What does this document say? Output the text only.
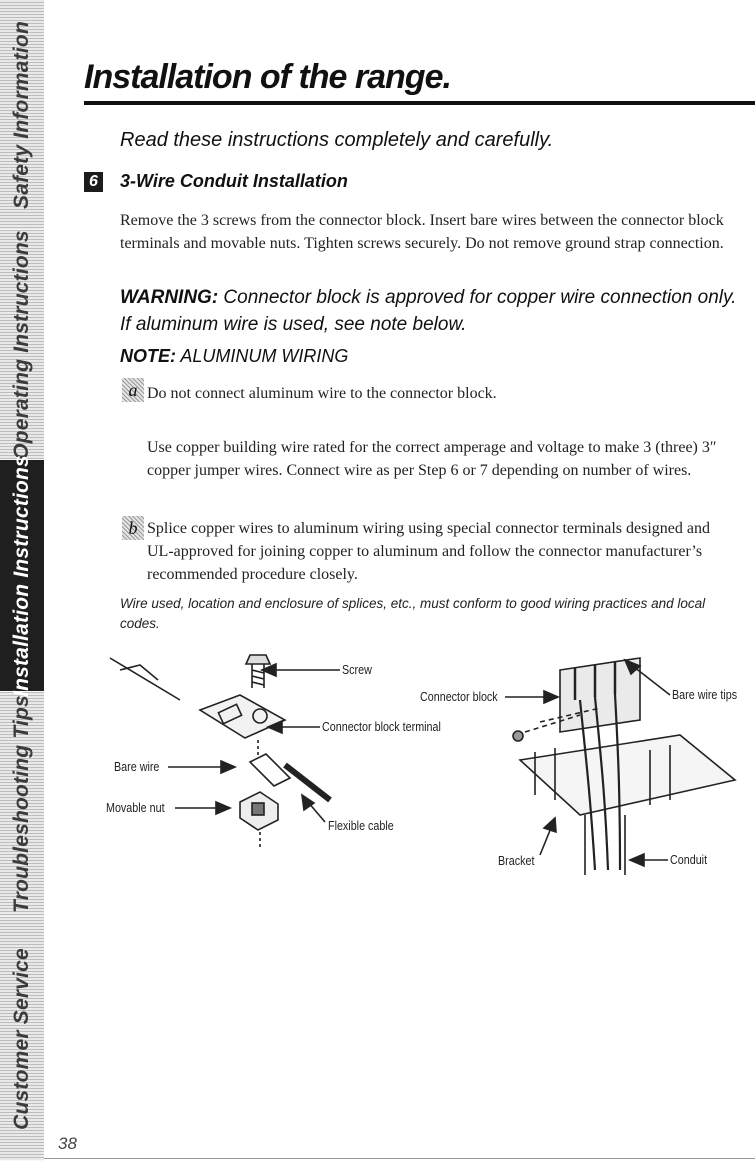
Safety Information
Operating Instructions
Installation Instructions
Troubleshooting Tips
Customer Service
Installation of the range.

Read these instructions completely and carefully.

6 3-Wire Conduit Installation

Remove the 3 screws from the connector block. Insert bare wires between the connector block terminals and movable nuts. Tighten screws securely. Do not remove ground strap connection.

WARNING: Connector block is approved for copper wire connection only. If aluminum wire is used, see note below.

NOTE: ALUMINUM WIRING

a Do not connect aluminum wire to the connector block.

Use copper building wire rated for the correct amperage and voltage to make 3 (three) 3″ copper jumper wires. Connect wire as per Step 6 or 7 depending on number of wires.

b Splice copper wires to aluminum wiring using special connector terminals designed and UL-approved for joining copper to aluminum and follow the connector manufacturer’s recommended procedure closely.

Wire used, location and enclosure of splices, etc., must conform to good wiring practices and local codes.

Screw

Connector block terminal

Bare wire

Movable nut

Flexible cable

Connector block	Bare wire tips

Bracket	Conduit

38
